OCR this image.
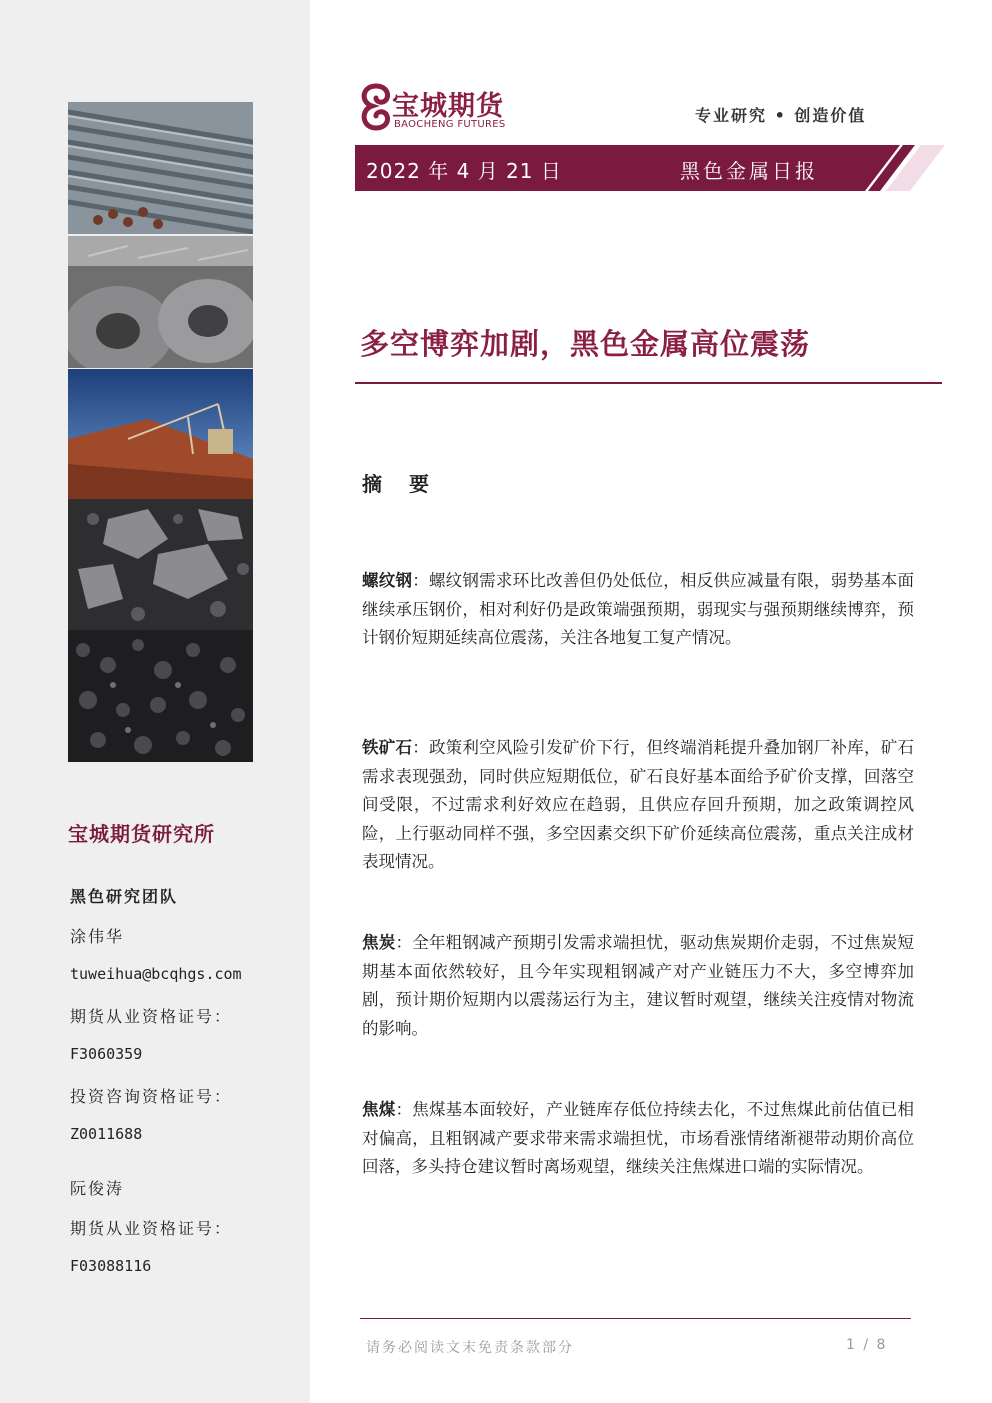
宝城期货研究所
黑色研究团队
涂伟华
tuweihua@bcqhgs.com
期货从业资格证号：
F3060359
投资咨询资格证号：
Z0011688
阮俊涛
期货从业资格证号：
F03088116
宝城期货
BAOCHENG FUTURES	专业研究 • 创造价值
2022 年 4 月 21 日	黑色金属日报
多空博弈加剧，黑色金属高位震荡
摘 要
螺纹钢：螺纹钢需求环比改善但仍处低位，相反供应减量有限，弱势基本面继续承压钢价，相对利好仍是政策端强预期，弱现实与强预期继续博弈，预计钢价短期延续高位震荡，关注各地复工复产情况。
铁矿石：政策利空风险引发矿价下行，但终端消耗提升叠加钢厂补库，矿石需求表现强劲，同时供应短期低位，矿石良好基本面给予矿价支撑，回落空间受限，不过需求利好效应在趋弱，且供应存回升预期，加之政策调控风险，上行驱动同样不强，多空因素交织下矿价延续高位震荡，重点关注成材表现情况。
焦炭：全年粗钢减产预期引发需求端担忧，驱动焦炭期价走弱，不过焦炭短期基本面依然较好，且今年实现粗钢减产对产业链压力不大，多空博弈加剧，预计期价短期内以震荡运行为主，建议暂时观望，继续关注疫情对物流的影响。
焦煤：焦煤基本面较好，产业链库存低位持续去化，不过焦煤此前估值已相对偏高，且粗钢减产要求带来需求端担忧，市场看涨情绪渐褪带动期价高位回落，多头持仓建议暂时离场观望，继续关注焦煤进口端的实际情况。
请务必阅读文末免责条款部分	1 / 8
